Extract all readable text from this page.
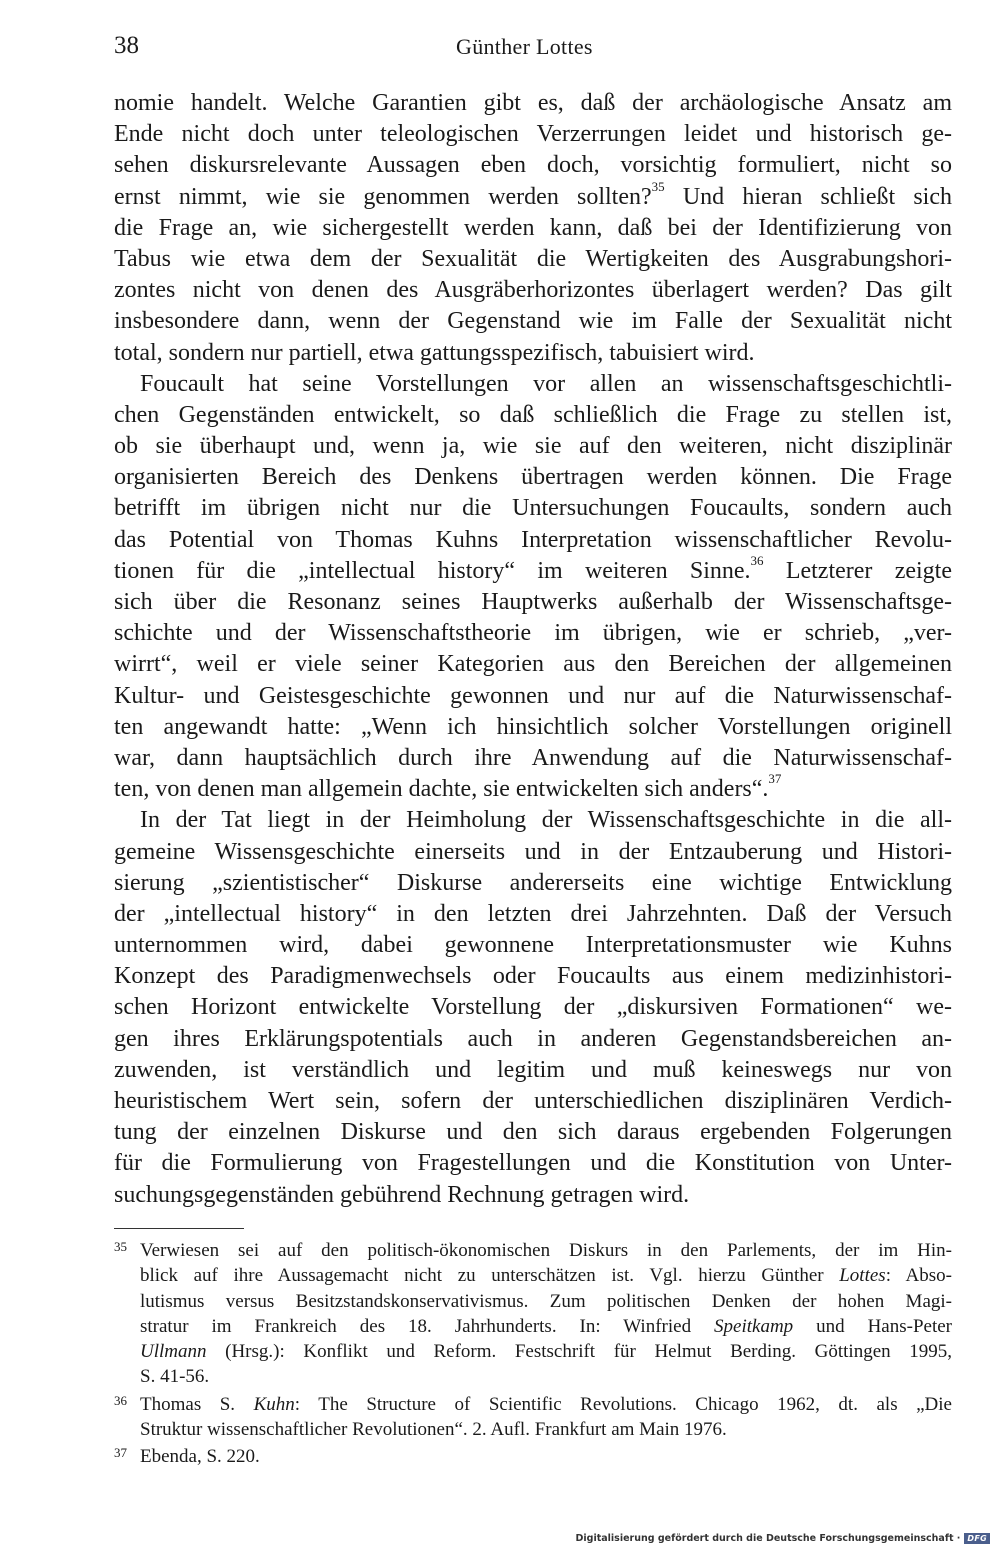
38	Günther Lottes
nomie handelt. Welche Garantien gibt es, daß der archäologische Ansatz am
Ende nicht doch unter teleologischen Verzerrungen leidet und historisch ge-
sehen diskursrelevante Aussagen eben doch, vorsichtig formuliert, nicht so
ernst nimmt, wie sie genommen werden sollten?$^{35}$ Und hieran schließt sich
die Frage an, wie sichergestellt werden kann, daß bei der Identifizierung von
Tabus wie etwa dem der Sexualität die Wertigkeiten des Ausgrabungshori-
zontes nicht von denen des Ausgräberhorizontes überlagert werden? Das gilt
insbesondere dann, wenn der Gegenstand wie im Falle der Sexualität nicht
total, sondern nur partiell, etwa gattungsspezifisch, tabuisiert wird.
Foucault hat seine Vorstellungen vor allen an wissenschaftsgeschichtli-
chen Gegenständen entwickelt, so daß schließlich die Frage zu stellen ist,
ob sie überhaupt und, wenn ja, wie sie auf den weiteren, nicht disziplinär
organisierten Bereich des Denkens übertragen werden können. Die Frage
betrifft im übrigen nicht nur die Untersuchungen Foucaults, sondern auch
das Potential von Thomas Kuhns Interpretation wissenschaftlicher Revolu-
tionen für die „intellectual history“ im weiteren Sinne.$^{36}$ Letzterer zeigte
sich über die Resonanz seines Hauptwerks außerhalb der Wissenschaftsge-
schichte und der Wissenschaftstheorie im übrigen, wie er schrieb, „ver-
wirrt“, weil er viele seiner Kategorien aus den Bereichen der allgemeinen
Kultur- und Geistesgeschichte gewonnen und nur auf die Naturwissenschaf-
ten angewandt hatte: „Wenn ich hinsichtlich solcher Vorstellungen originell
war, dann hauptsächlich durch ihre Anwendung auf die Naturwissenschaf-
ten, von denen man allgemein dachte, sie entwickelten sich anders“.$^{37}$
In der Tat liegt in der Heimholung der Wissenschaftsgeschichte in die all-
gemeine Wissensgeschichte einerseits und in der Entzauberung und Histori-
sierung „szientistischer“ Diskurse andererseits eine wichtige Entwicklung
der „intellectual history“ in den letzten drei Jahrzehnten. Daß der Versuch
unternommen wird, dabei gewonnene Interpretationsmuster wie Kuhns
Konzept des Paradigmenwechsels oder Foucaults aus einem medizinhistori-
schen Horizont entwickelte Vorstellung der „diskursiven Formationen“ we-
gen ihres Erklärungspotentials auch in anderen Gegenstandsbereichen an-
zuwenden, ist verständlich und legitim und muß keineswegs nur von
heuristischem Wert sein, sofern der unterschiedlichen disziplinären Verdich-
tung der einzelnen Diskurse und den sich daraus ergebenden Folgerungen
für die Formulierung von Fragestellungen und die Konstitution von Unter-
suchungsgegenständen gebührend Rechnung getragen wird.
35 Verwiesen sei auf den politisch-ökonomischen Diskurs in den Parlements, der im Hin-
blick auf ihre Aussagemacht nicht zu unterschätzen ist. Vgl. hierzu Günther Lottes: Abso-
lutismus versus Besitzstandskonservativismus. Zum politischen Denken der hohen Magi-
stratur im Frankreich des 18. Jahrhunderts. In: Winfried Speitkamp und Hans-Peter
Ullmann (Hrsg.): Konflikt und Reform. Festschrift für Helmut Berding. Göttingen 1995,
S. 41-56.
36 Thomas S. Kuhn: The Structure of Scientific Revolutions. Chicago 1962, dt. als „Die
Struktur wissenschaftlicher Revolutionen“. 2. Aufl. Frankfurt am Main 1976.
37 Ebenda, S. 220.
Digitalisierung gefördert durch die Deutsche Forschungsgemeinschaft · DFG
